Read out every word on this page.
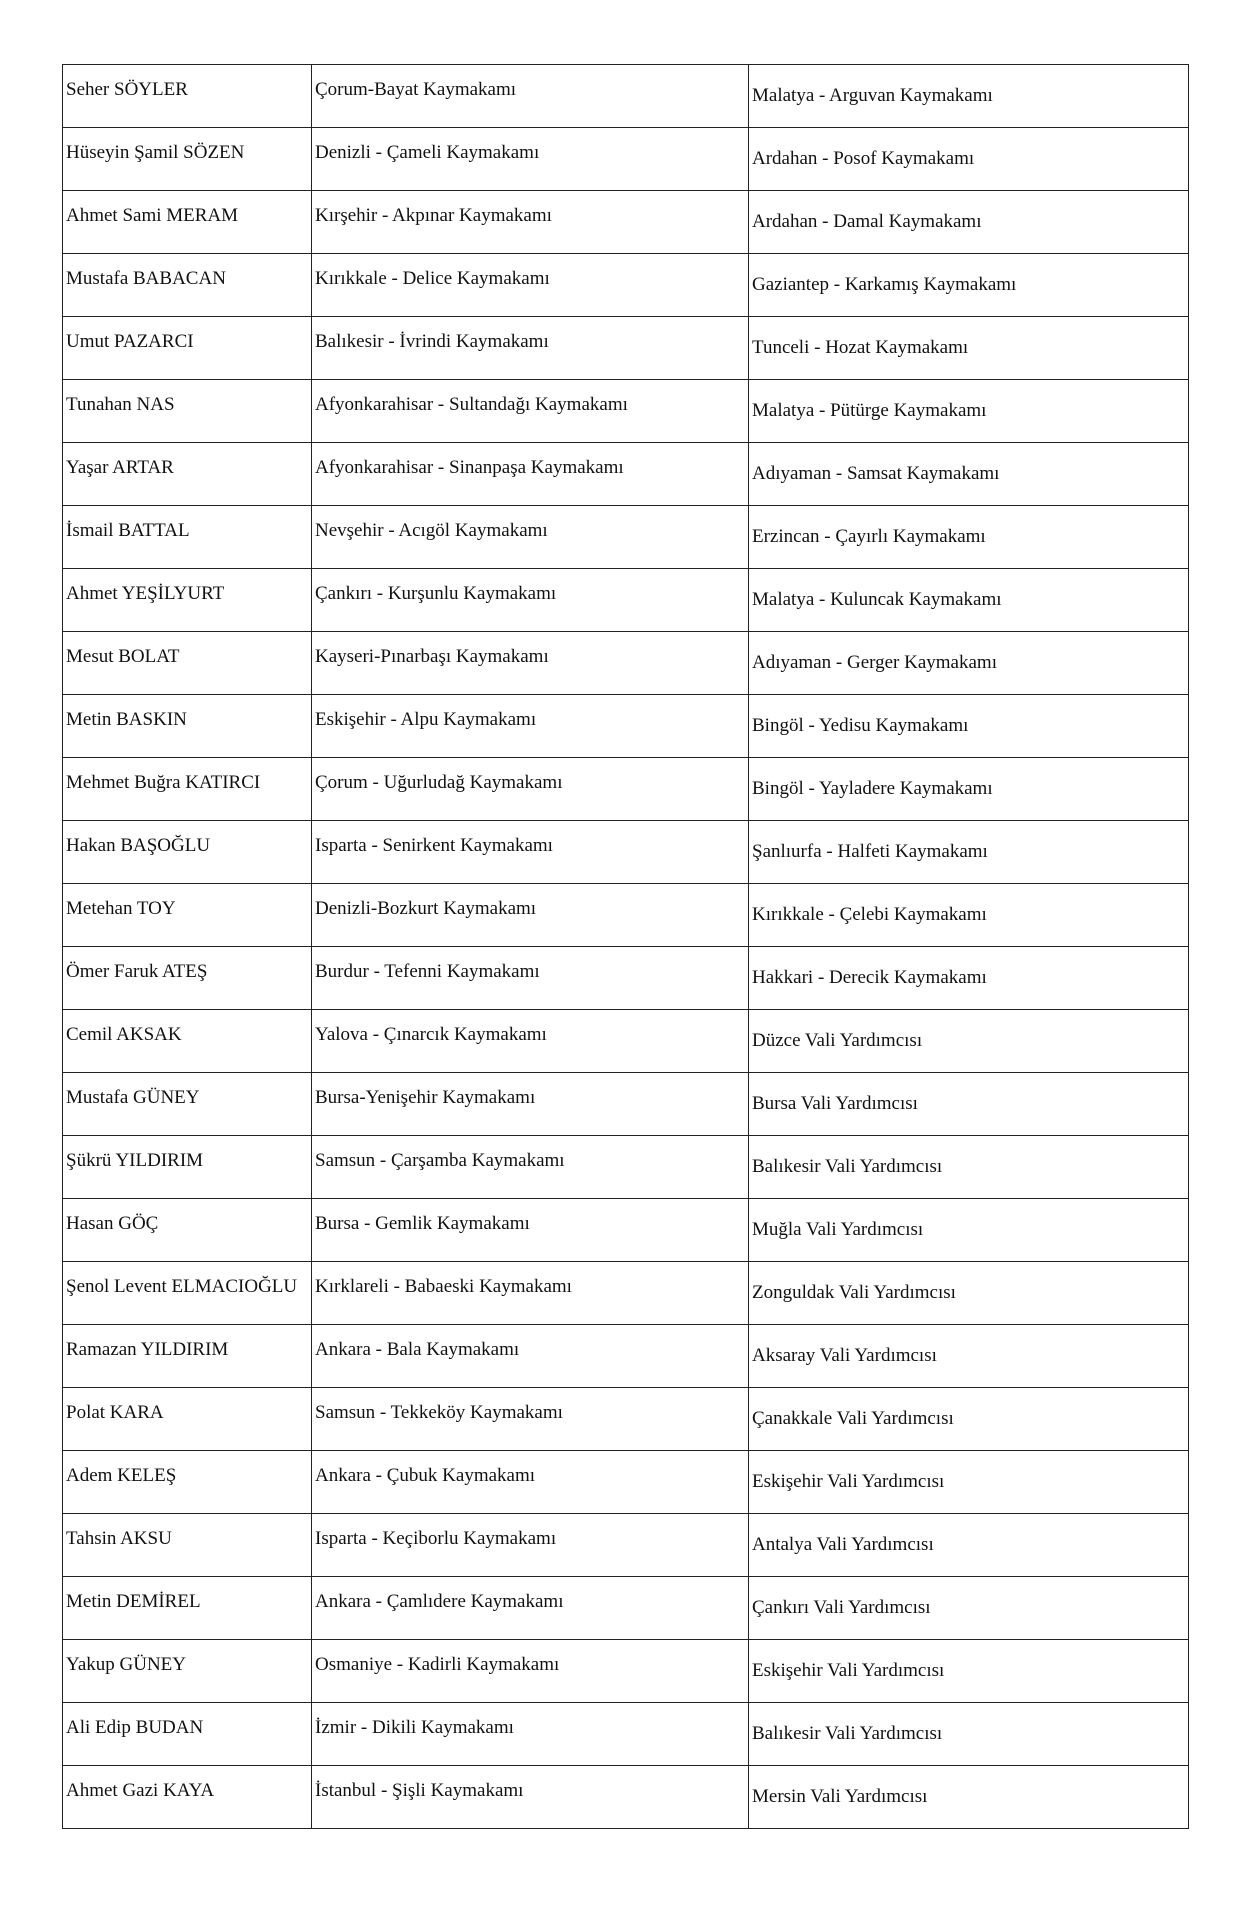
Seher SÖYLER	Çorum-Bayat Kaymakamı	Malatya - Arguvan Kaymakamı
Hüseyin Şamil SÖZEN	Denizli - Çameli Kaymakamı	Ardahan - Posof Kaymakamı
Ahmet Sami MERAM	Kırşehir - Akpınar Kaymakamı	Ardahan - Damal Kaymakamı
Mustafa BABACAN	Kırıkkale - Delice Kaymakamı	Gaziantep - Karkamış Kaymakamı
Umut PAZARCI	Balıkesir - İvrindi Kaymakamı	Tunceli - Hozat Kaymakamı
Tunahan NAS	Afyonkarahisar - Sultandağı Kaymakamı	Malatya - Pütürge Kaymakamı
Yaşar ARTAR	Afyonkarahisar - Sinanpaşa Kaymakamı	Adıyaman - Samsat Kaymakamı
İsmail BATTAL	Nevşehir - Acıgöl Kaymakamı	Erzincan - Çayırlı Kaymakamı
Ahmet YEŞİLYURT	Çankırı - Kurşunlu Kaymakamı	Malatya - Kuluncak Kaymakamı
Mesut BOLAT	Kayseri-Pınarbaşı Kaymakamı	Adıyaman - Gerger Kaymakamı
Metin BASKIN	Eskişehir - Alpu Kaymakamı	Bingöl - Yedisu Kaymakamı
Mehmet Buğra KATIRCI	Çorum - Uğurludağ Kaymakamı	Bingöl - Yayladere Kaymakamı
Hakan BAŞOĞLU	Isparta - Senirkent Kaymakamı	Şanlıurfa - Halfeti Kaymakamı
Metehan TOY	Denizli-Bozkurt Kaymakamı	Kırıkkale - Çelebi Kaymakamı
Ömer Faruk ATEŞ	Burdur - Tefenni Kaymakamı	Hakkari - Derecik Kaymakamı
Cemil AKSAK	Yalova - Çınarcık Kaymakamı	Düzce Vali Yardımcısı
Mustafa GÜNEY	Bursa-Yenişehir Kaymakamı	Bursa Vali Yardımcısı
Şükrü YILDIRIM	Samsun - Çarşamba Kaymakamı	Balıkesir Vali Yardımcısı
Hasan GÖÇ	Bursa - Gemlik Kaymakamı	Muğla Vali Yardımcısı
Şenol Levent ELMACIOĞLU	Kırklareli - Babaeski Kaymakamı	Zonguldak Vali Yardımcısı
Ramazan YILDIRIM	Ankara - Bala Kaymakamı	Aksaray Vali Yardımcısı
Polat KARA	Samsun - Tekkeköy Kaymakamı	Çanakkale Vali Yardımcısı
Adem KELEŞ	Ankara - Çubuk Kaymakamı	Eskişehir Vali Yardımcısı
Tahsin AKSU	Isparta - Keçiborlu Kaymakamı	Antalya Vali Yardımcısı
Metin DEMİREL	Ankara - Çamlıdere Kaymakamı	Çankırı Vali Yardımcısı
Yakup GÜNEY	Osmaniye - Kadirli Kaymakamı	Eskişehir Vali Yardımcısı
Ali Edip BUDAN	İzmir - Dikili Kaymakamı	Balıkesir Vali Yardımcısı
Ahmet Gazi KAYA	İstanbul - Şişli Kaymakamı	Mersin Vali Yardımcısı
